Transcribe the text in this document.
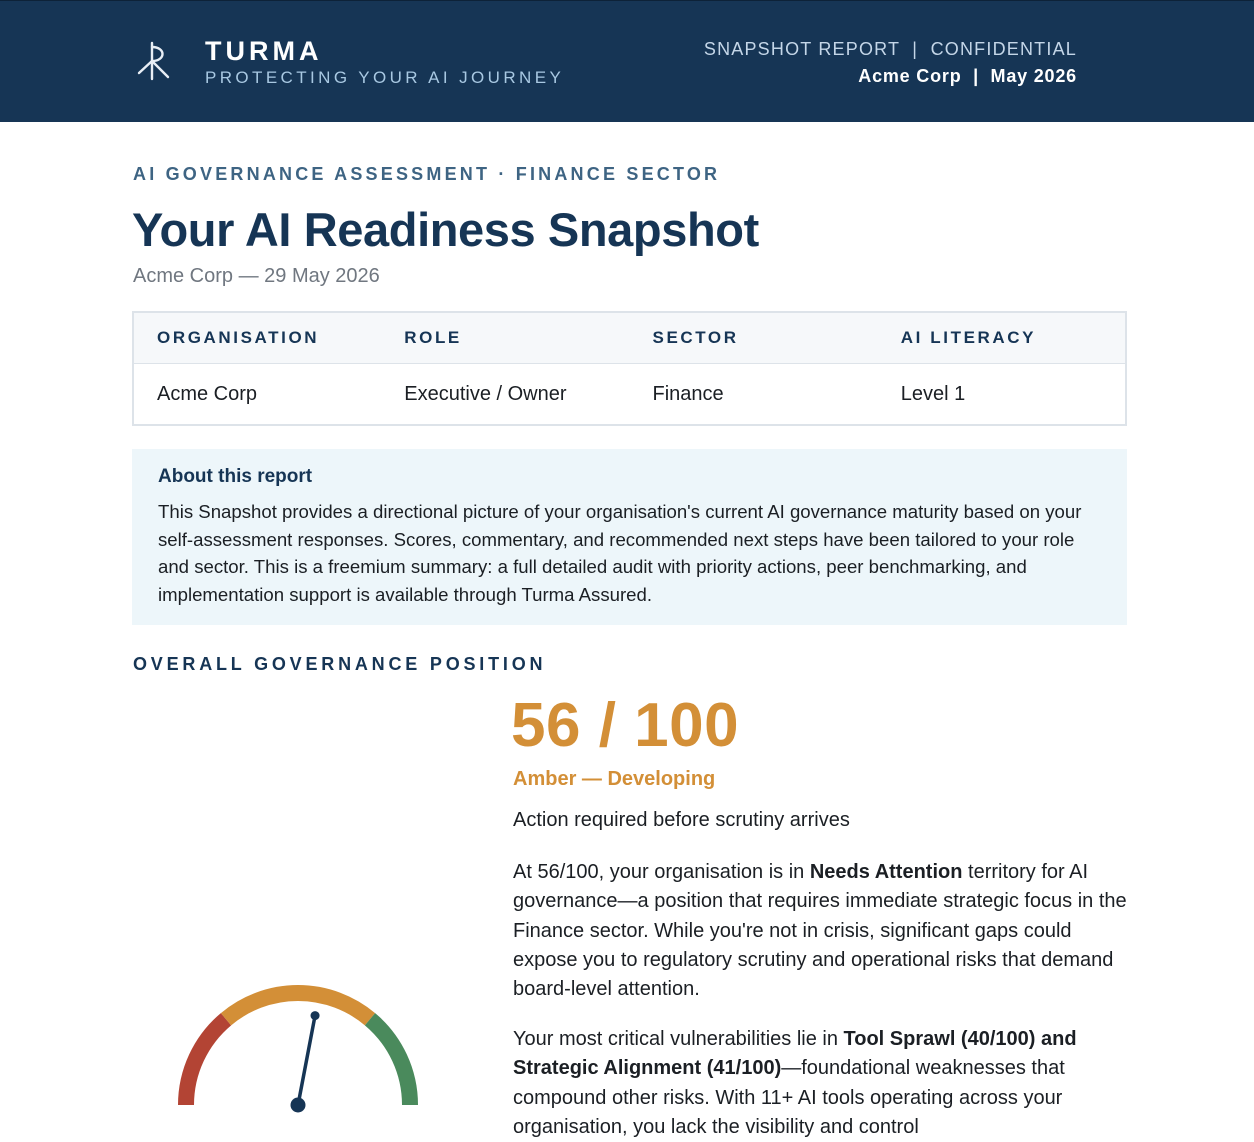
TURMA
PROTECTING YOUR AI JOURNEY
SNAPSHOT REPORT  |  CONFIDENTIAL
Acme Corp  |  May 2026
AI GOVERNANCE ASSESSMENT · FINANCE SECTOR
Your AI Readiness Snapshot
Acme Corp — 29 May 2026
ORGANISATION	ROLE	SECTOR	AI LITERACY
Acme Corp	Executive / Owner	Finance	Level 1
About this report

This Snapshot provides a directional picture of your organisation's current AI governance maturity based on your self-assessment responses. Scores, commentary, and recommended next steps have been tailored to your role and sector. This is a freemium summary: a full detailed audit with priority actions, peer benchmarking, and implementation support is available through Turma Assured.

OVERALL GOVERNANCE POSITION
56 / 100
Amber — Developing
Action required before scrutiny arrives

At 56/100, your organisation is in Needs Attention territory for AI governance—a position that requires immediate strategic focus in the Finance sector. While you're not in crisis, significant gaps could expose you to regulatory scrutiny and operational risks that demand board-level attention.

Your most critical vulnerabilities lie in Tool Sprawl (40/100) and Strategic Alignment (41/100)—foundational weaknesses that compound other risks. With 11+ AI tools operating across your organisation, you lack the visibility and control
